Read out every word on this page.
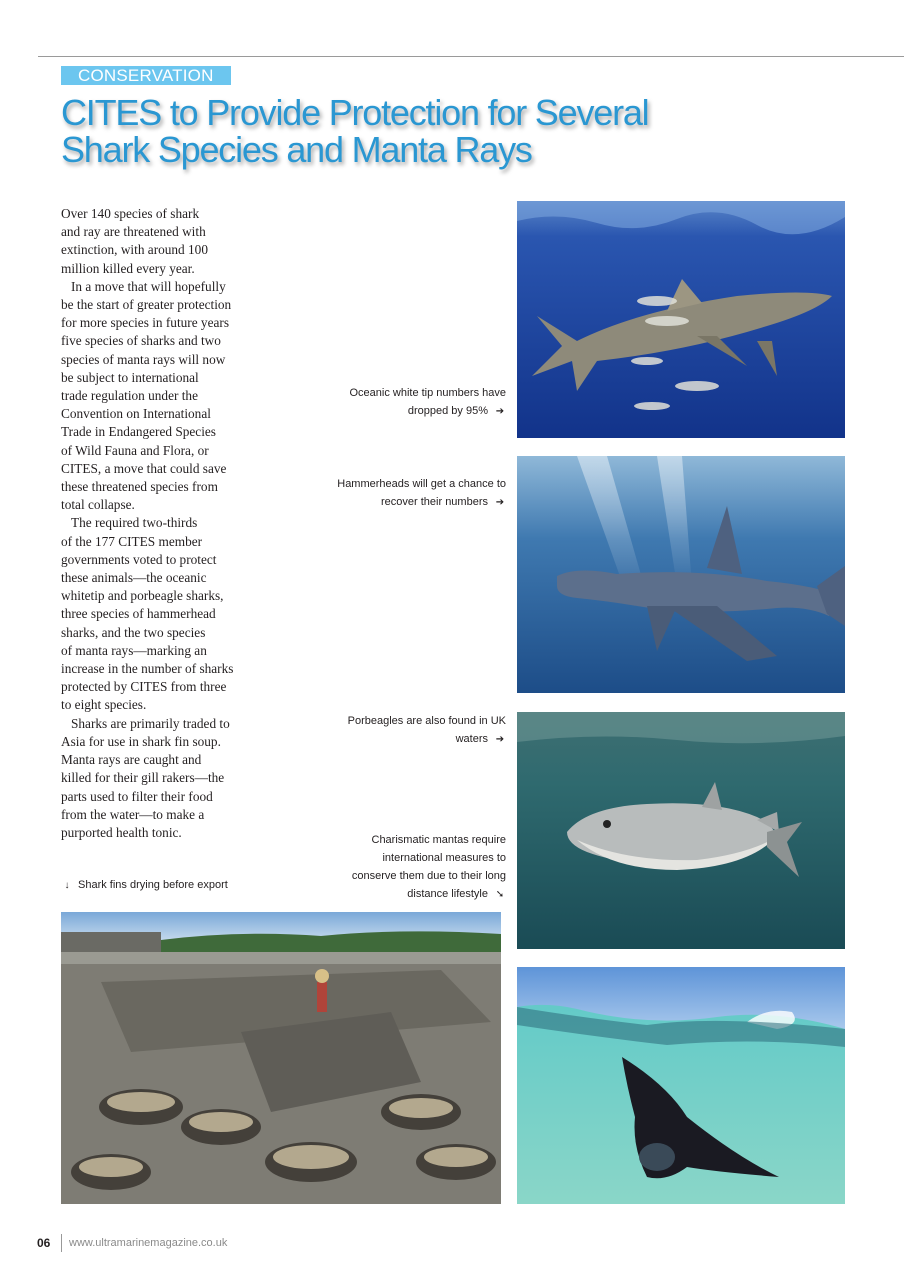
CONSERVATION
CITES to Provide Protection for Several
Shark Species and Manta Rays

Over 140 species of shark
and ray are threatened with
extinction, with around 100
million killed every year.

In a move that will hopefully
be the start of greater protection
for more species in future years
five species of sharks and two
species of manta rays will now
be subject to international
trade regulation under the
Convention on International
Trade in Endangered Species
of Wild Fauna and Flora, or
CITES, a move that could save
these threatened species from
total collapse.

The required two-thirds
of the 177 CITES member
governments voted to protect
these animals—the oceanic
whitetip and porbeagle sharks,
three species of hammerhead
sharks, and the two species
of manta rays—marking an
increase in the number of sharks
protected by CITES from three
to eight species.

Sharks are primarily traded to
Asia for use in shark fin soup.
Manta rays are caught and
killed for their gill rakers—the
parts used to filter their food
from the water—to make a
purported health tonic.

Oceanic white tip numbers have
dropped by 95% ➔
Hammerheads will get a chance to
recover their numbers ➔
Porbeagles are also found in UK
waters ➔
Charismatic mantas require
international measures to
conserve them due to their long
distance lifestyle ➘
↓ Shark fins drying before export
06 www.ultramarinemagazine.co.uk
